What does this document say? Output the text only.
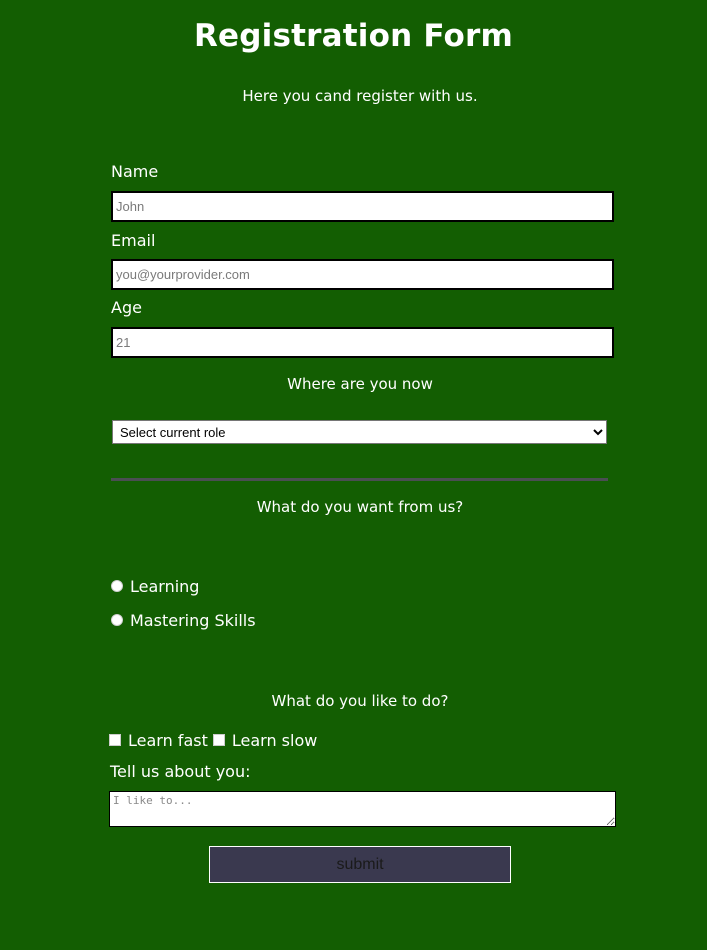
Registration Form

Here you cand register with us.

Name
John
Email
you@yourprovider.com
Age
21

Where are you now

Select current role

What do you want from us?

Learning
Mastering Skills

What do you like to do?

Learn fast Learn slow
Tell us about you:
I like to...
submit
